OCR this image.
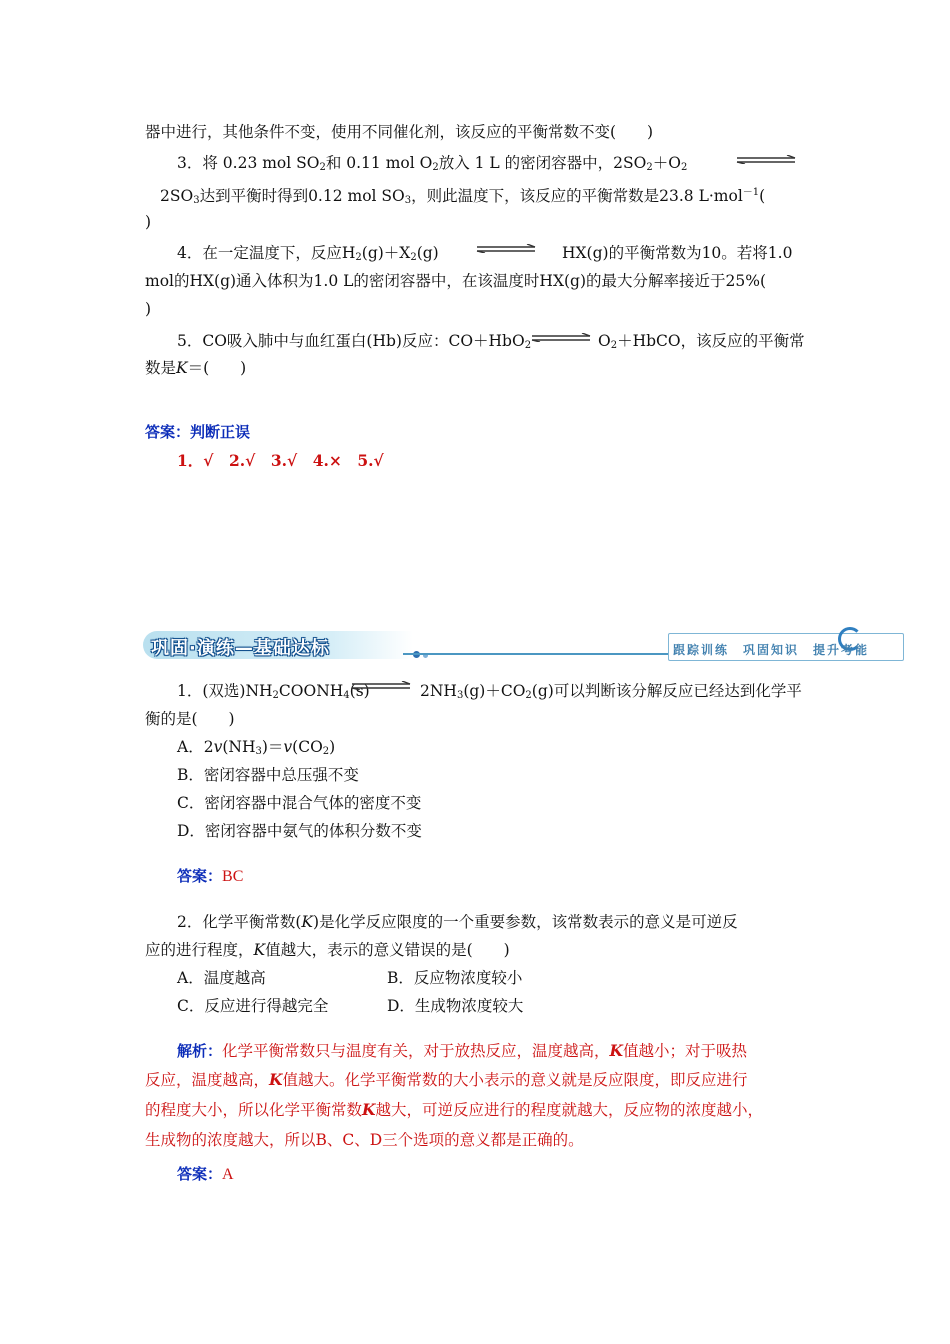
器中进行，其他条件不变，使用不同催化剂，该反应的平衡常数不变(　　)
3．将 0.23 mol $SO_2$和 0.11 mol $O_2$放入 1 L 的密闭容器中，$2SO_2+O_2$
$2SO_3$达到平衡时得到0.12 mol $SO_3$，则此温度下，该反应的平衡常数是23.8 L·mol$^{-1}$(
)
4．在一定温度下，反应$H_2(g)+X_2(g)$	HX(g)的平衡常数为10。若将1.0
mol的HX(g)通入体积为1.0 L的密闭容器中，在该温度时HX(g)的最大分解率接近于25%(
)
5．CO吸入肺中与血红蛋白(Hb)反应：CO＋HbO$_2$ ⇌ $O_2+HbCO$，该反应的平衡常
数是K＝(　　)
答案：判断正误
1．√　2.√　3.√　4.×　5.√
巩固·演练—基础达标	跟踪训练　巩固知识　提升考能
1．(双选)$NH_2COONH_4(s)$ ⇌ $2NH_3(g)+CO_2(g)$可以判断该分解反应已经达到化学平
衡的是(　　)
A．$2v(NH_3)=v(CO_2)$
B．密闭容器中总压强不变
C．密闭容器中混合气体的密度不变
D．密闭容器中氨气的体积分数不变
答案：BC
2．化学平衡常数(K)是化学反应限度的一个重要参数，该常数表示的意义是可逆反
应的进行程度，K值越大，表示的意义错误的是(　　)
A．温度越高	B．反应物浓度较小
C．反应进行得越完全	D．生成物浓度较大
解析：化学平衡常数只与温度有关，对于放热反应，温度越高，K值越小；对于吸热
反应，温度越高，K值越大。化学平衡常数的大小表示的意义就是反应限度，即反应进行
的程度大小，所以化学平衡常数K越大，可逆反应进行的程度就越大，反应物的浓度越小，
生成物的浓度越大，所以B、C、D三个选项的意义都是正确的。
答案：A
